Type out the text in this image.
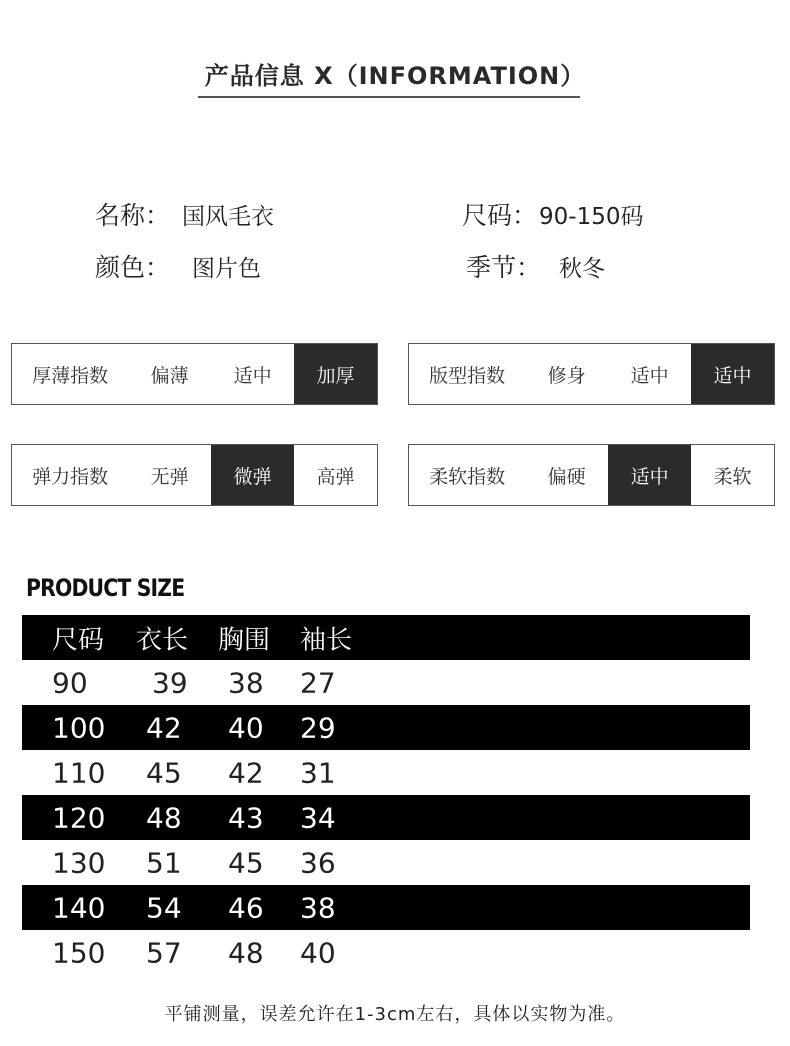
产品信息 X（INFORMATION）
名称： 国风毛衣	尺码：90-150码
颜色： 图片色	季节： 秋冬
厚薄指数	偏薄	适中	加厚	版型指数	修身	适中	适中
弹力指数	无弹	微弹	高弹	柔软指数	偏硬	适中	柔软
PRODUCT SIZE
尺码 衣长 胸围 袖长
90 39 38 27
100 42 40 29
110 45 42 31
120 48 43 34
130 51 45 36
140 54 46 38
150 57 48 40
平铺测量，误差允许在1-3cm左右，具体以实物为准。
